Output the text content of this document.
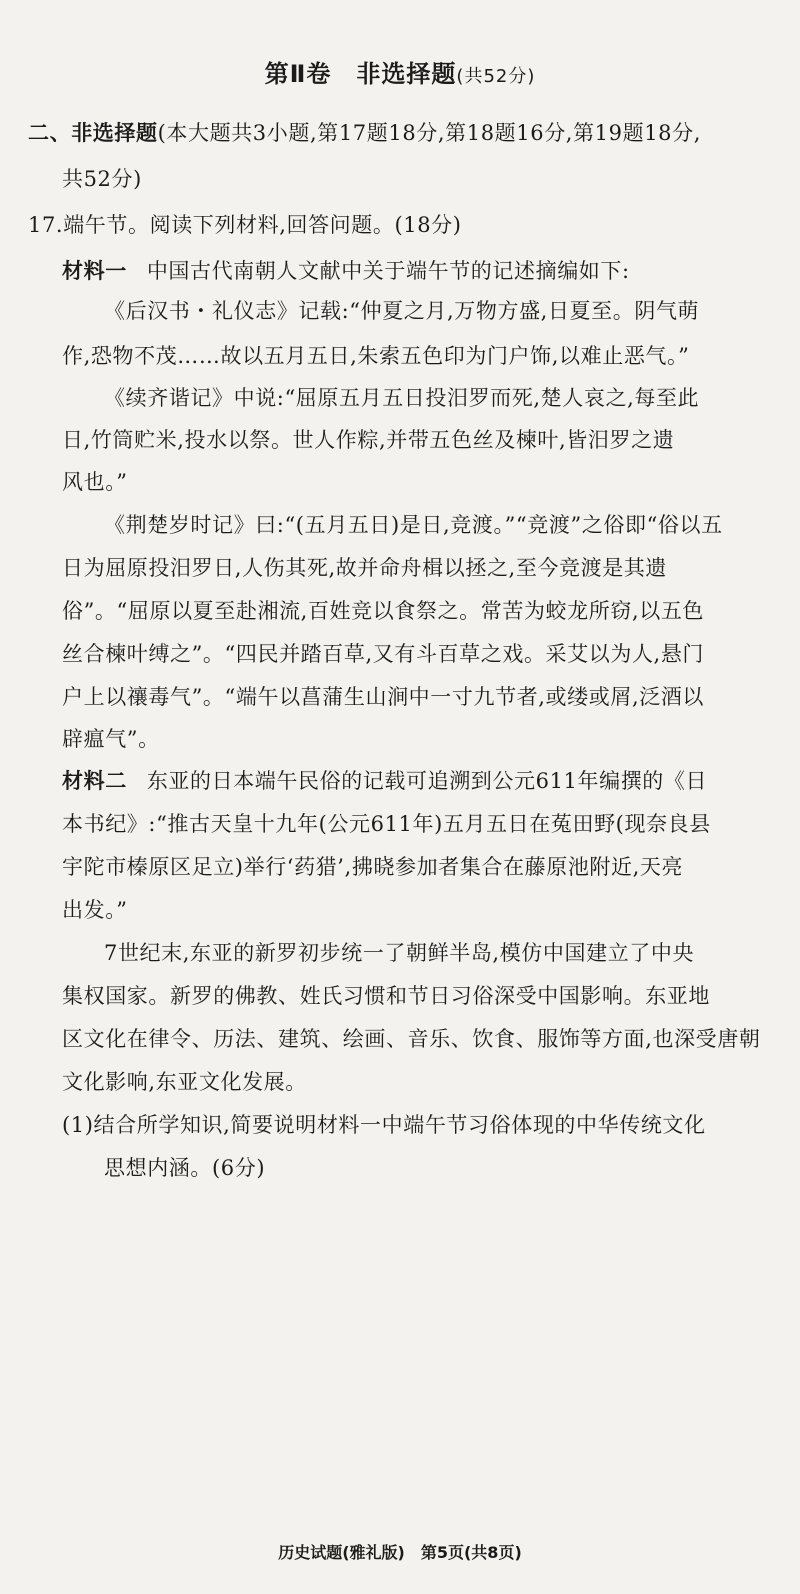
第Ⅱ卷　非选择题(共52分)
二、非选择题(本大题共3小题,第17题18分,第18题16分,第19题18分,
共52分)
17.端午节。阅读下列材料,回答问题。(18分)
材料一 中国古代南朝人文献中关于端午节的记述摘编如下:
《后汉书・礼仪志》记载:“仲夏之月,万物方盛,日夏至。阴气萌
作,恐物不茂……故以五月五日,朱索五色印为门户饰,以难止恶气。”
《续齐谐记》中说:“屈原五月五日投汨罗而死,楚人哀之,每至此
日,竹筒贮米,投水以祭。世人作粽,并带五色丝及楝叶,皆汨罗之遗
风也。”
《荆楚岁时记》曰:“(五月五日)是日,竞渡。”“竞渡”之俗即“俗以五
日为屈原投汨罗日,人伤其死,故并命舟楫以拯之,至今竞渡是其遗
俗”。“屈原以夏至赴湘流,百姓竞以食祭之。常苦为蛟龙所窃,以五色
丝合楝叶缚之”。“四民并踏百草,又有斗百草之戏。采艾以为人,悬门
户上以禳毒气”。“端午以菖蒲生山涧中一寸九节者,或缕或屑,泛酒以
辟瘟气”。
材料二 东亚的日本端午民俗的记载可追溯到公元611年编撰的《日
本书纪》:“推古天皇十九年(公元611年)五月五日在菟田野(现奈良县
宇陀市榛原区足立)举行‘药猎’,拂晓参加者集合在藤原池附近,天亮
出发。”
7世纪末,东亚的新罗初步统一了朝鲜半岛,模仿中国建立了中央
集权国家。新罗的佛教、姓氏习惯和节日习俗深受中国影响。东亚地
区文化在律令、历法、建筑、绘画、音乐、饮食、服饰等方面,也深受唐朝
文化影响,东亚文化发展。
(1)结合所学知识,简要说明材料一中端午节习俗体现的中华传统文化
思想内涵。(6分)
历史试题(雅礼版)　第5页(共8页)
